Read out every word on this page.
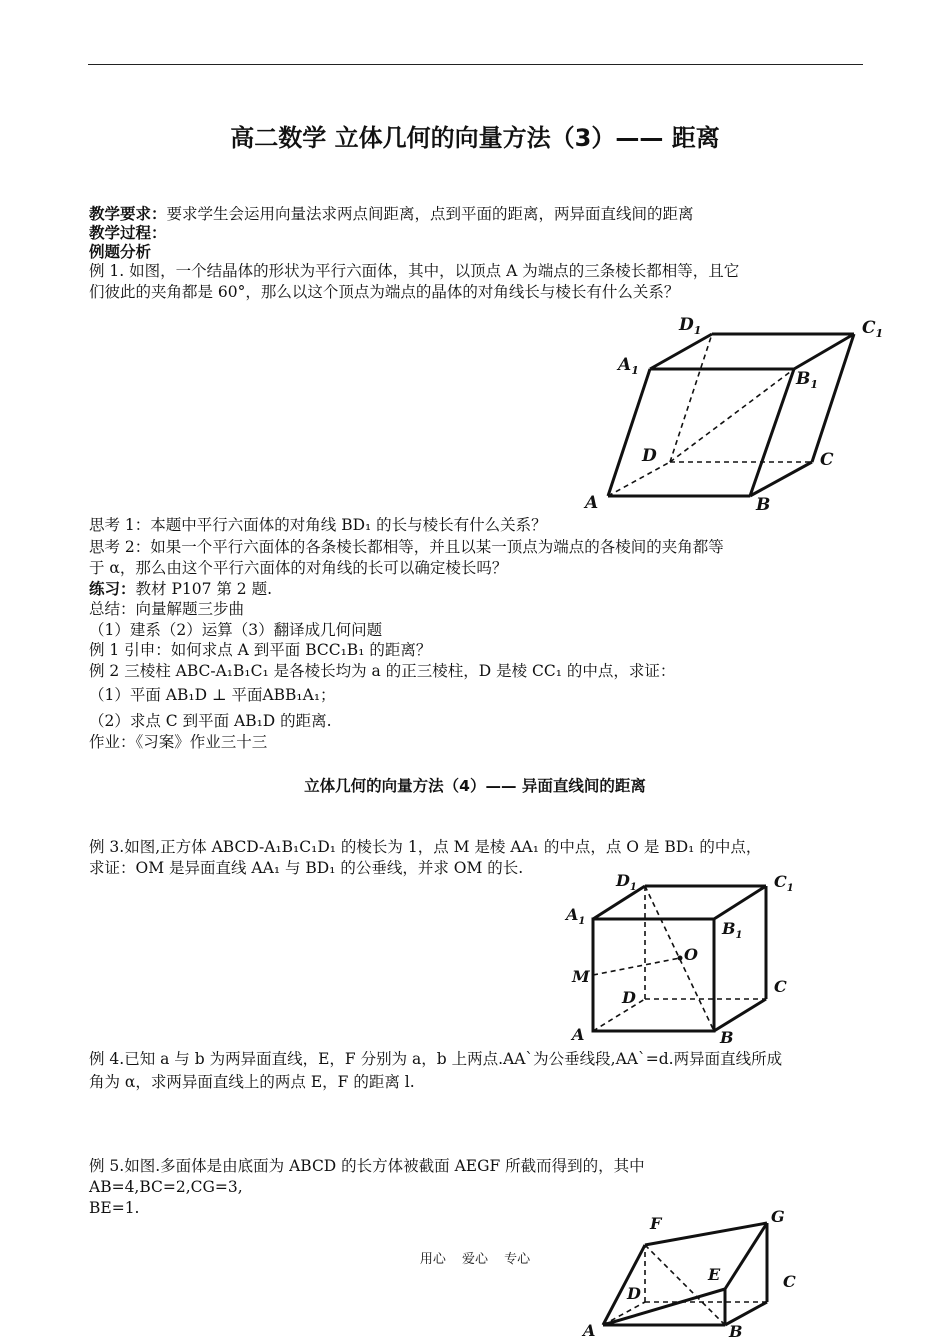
高二数学 立体几何的向量方法（3）—— 距离
教学要求：要求学生会运用向量法求两点间距离，点到平面的距离，两异面直线间的距离
教学过程：
例题分析
例 1. 如图，一个结晶体的形状为平行六面体，其中，以顶点 A 为端点的三条棱长都相等，且它
们彼此的夹角都是 60°，那么以这个顶点为端点的晶体的对角线长与棱长有什么关系？
A	B
C
D
$A_1$	$B_1$
$C_1$
$D_1$
思考 1：本题中平行六面体的对角线 BD₁ 的长与棱长有什么关系？
思考 2：如果一个平行六面体的各条棱长都相等，并且以某一顶点为端点的各棱间的夹角都等
于 α，那么由这个平行六面体的对角线的长可以确定棱长吗？
练习：教材 P107 第 2 题.
总结：向量解题三步曲
（1）建系（2）运算（3）翻译成几何问题
例 1 引申：如何求点 A 到平面 BCC₁B₁ 的距离？
例 2 三棱柱 ABC-A₁B₁C₁ 是各棱长均为 a 的正三棱柱，D 是棱 CC₁ 的中点，求证：
（1）平面 AB₁D ⊥ 平面ABB₁A₁；
（2）求点 C 到平面 AB₁D 的距离.
作业：《习案》作业三十三
立体几何的向量方法（4）—— 异面直线间的距离
例 3.如图,正方体 ABCD-A₁B₁C₁D₁ 的棱长为 1，点 M 是棱 AA₁ 的中点，点 O 是 BD₁ 的中点，
求证：OM 是异面直线 AA₁ 与 BD₁ 的公垂线，并求 OM 的长.
A	B
C
D
M
O
$A_1$	$B_1$
$C_1$
$D_1$
例 4.已知 a 与 b 为两异面直线，E，F 分别为 a，b 上两点.AA`为公垂线段,AA`=d.两异面直线所成
角为 α，求两异面直线上的两点 E，F 的距离 l.
例 5.如图.多面体是由底面为 ABCD 的长方体被截面 AEGF 所截而得到的，其中
AB=4,BC=2,CG=3,
BE=1.
A	B
C
D
E
F	G
用心 爱心 专心
